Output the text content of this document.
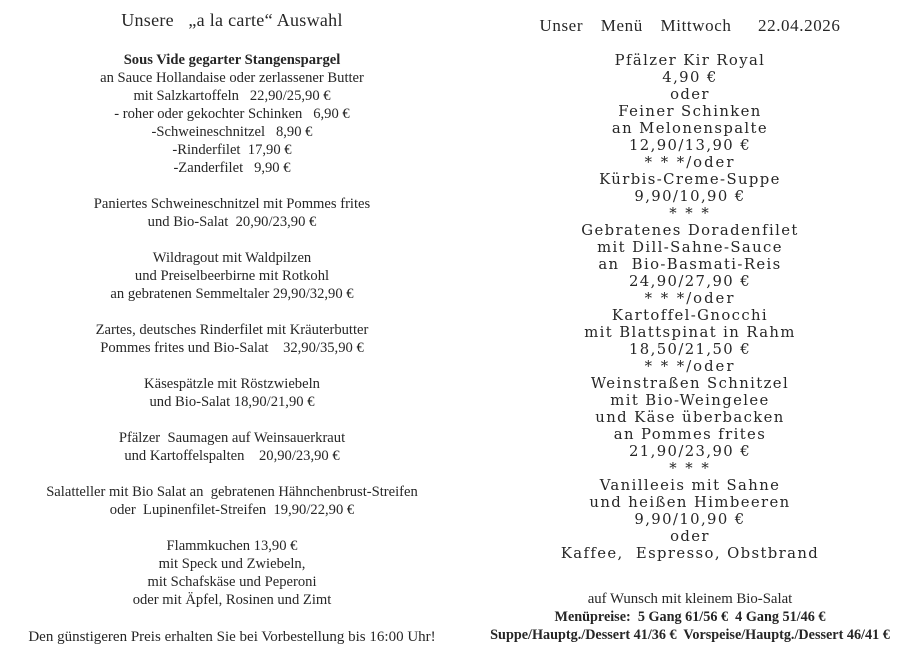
Unsere   „a la carte“ Auswahl
Sous Vide gegarter Stangenspargel
an Sauce Hollandaise oder zerlassener Butter
mit Salzkartoffeln   22,90/25,90 €
- roher oder gekochter Schinken   6,90 €
-Schweineschnitzel   8,90 €
-Rinderfilet  17,90 €
-Zanderfilet   9,90 €
Paniertes Schweineschnitzel mit Pommes frites
und Bio-Salat  20,90/23,90 €
Wildragout mit Waldpilzen
und Preiselbeerbirne mit Rotkohl
an gebratenen Semmeltaler 29,90/32,90 €
Zartes, deutsches Rinderfilet mit Kräuterbutter
Pommes frites und Bio-Salat    32,90/35,90 €
Käsespätzle mit Röstzwiebeln
und Bio-Salat 18,90/21,90 €
Pfälzer  Saumagen auf Weinsauerkraut
und Kartoffelspalten    20,90/23,90 €
Salatteller mit Bio Salat an  gebratenen Hähnchenbrust-Streifen
oder  Lupinenfilet-Streifen  19,90/22,90 €
Flammkuchen 13,90 €
mit Speck und Zwiebeln,
mit Schafskäse und Peperoni
oder mit Äpfel, Rosinen und Zimt
Den günstigeren Preis erhalten Sie bei Vorbestellung bis 16:00 Uhr!
Unser  Menü  Mittwoch   22.04.2026
Pfälzer Kir Royal
4,90 €
oder
Feiner Schinken
an Melonenspalte
12,90/13,90 €
* * */oder
Kürbis-Creme-Suppe
9,90/10,90 €
* * *
Gebratenes Doradenfilet
mit Dill-Sahne-Sauce
an  Bio-Basmati-Reis
24,90/27,90 €
* * */oder
Kartoffel-Gnocchi
mit Blattspinat in Rahm
18,50/21,50 €
* * */oder
Weinstraßen Schnitzel
mit Bio-Weingelee
und Käse überbacken
an Pommes frites
21,90/23,90 €
* * *
Vanilleeis mit Sahne
und heißen Himbeeren
9,90/10,90 €
oder
Kaffee,  Espresso, Obstbrand
auf Wunsch mit kleinem Bio-Salat
Menüpreise:  5 Gang 61/56 €  4 Gang 51/46 €
Suppe/Hauptg./Dessert 41/36 €  Vorspeise/Hauptg./Dessert 46/41 €
